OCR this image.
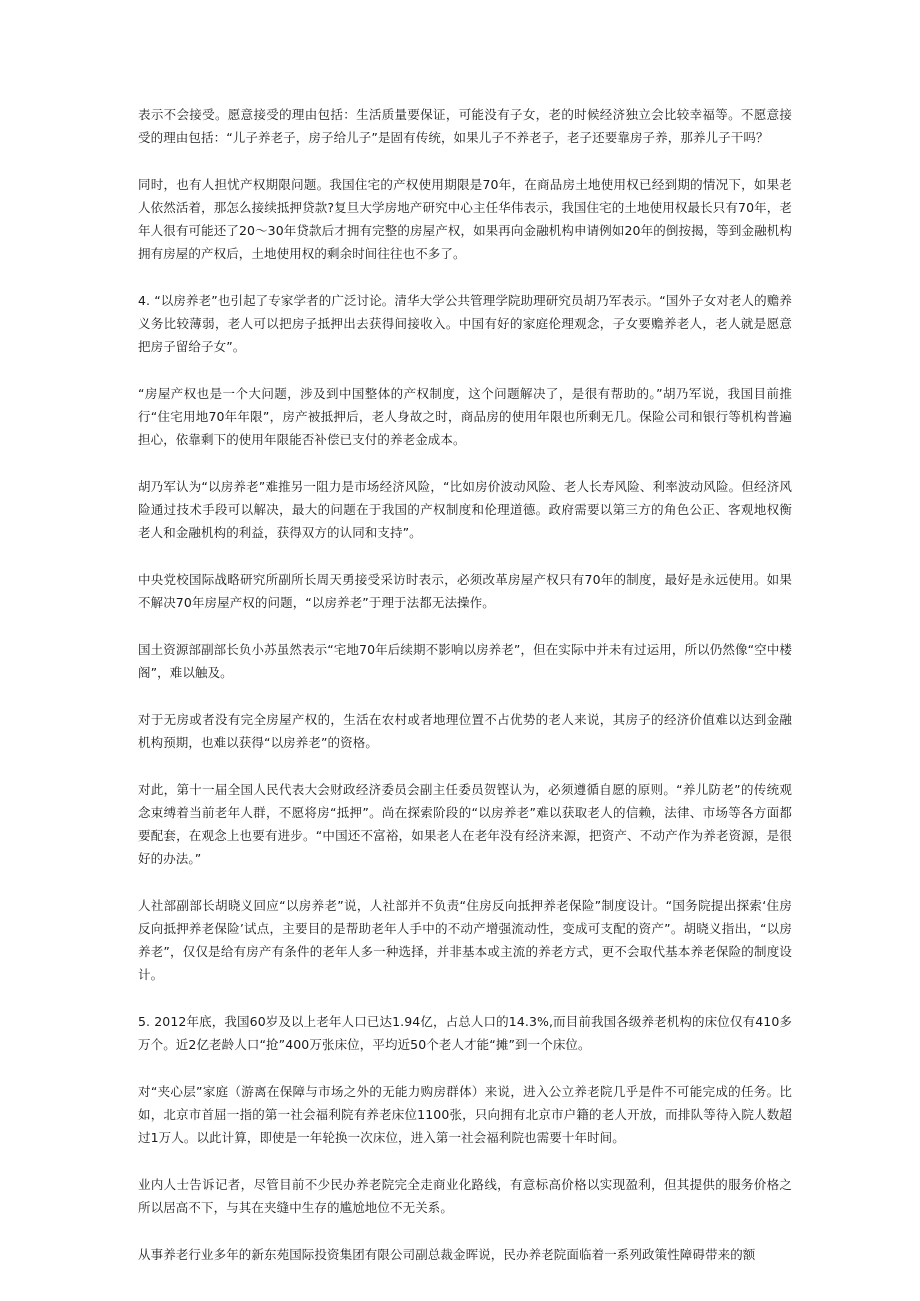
表示不会接受。愿意接受的理由包括：生活质量要保证，可能没有子女，老的时候经济独立会比较幸福等。不愿意接受的理由包括：“儿子养老子，房子给儿子”是固有传统，如果儿子不养老子，老子还要靠房子养，那养儿子干吗？

同时，也有人担忧产权期限问题。我国住宅的产权使用期限是70年，在商品房土地使用权已经到期的情况下，如果老人依然活着，那怎么接续抵押贷款?复旦大学房地产研究中心主任华伟表示，我国住宅的土地使用权最长只有70年，老年人很有可能还了20～30年贷款后才拥有完整的房屋产权，如果再向金融机构申请例如20年的倒按揭，等到金融机构拥有房屋的产权后，土地使用权的剩余时间往往也不多了。

4. “以房养老”也引起了专家学者的广泛讨论。清华大学公共管理学院助理研究员胡乃军表示。“国外子女对老人的赡养义务比较薄弱，老人可以把房子抵押出去获得间接收入。中国有好的家庭伦理观念，子女要赡养老人，老人就是愿意把房子留给子女”。

“房屋产权也是一个大问题，涉及到中国整体的产权制度，这个问题解决了，是很有帮助的。”胡乃军说，我国目前推行“住宅用地70年年限”，房产被抵押后，老人身故之时，商品房的使用年限也所剩无几。保险公司和银行等机构普遍担心，依靠剩下的使用年限能否补偿已支付的养老金成本。

胡乃军认为“以房养老”难推另一阻力是市场经济风险，“比如房价波动风险、老人长寿风险、利率波动风险。但经济风险通过技术手段可以解决，最大的问题在于我国的产权制度和伦理道德。政府需要以第三方的角色公正、客观地权衡老人和金融机构的利益，获得双方的认同和支持”。

中央党校国际战略研究所副所长周天勇接受采访时表示，必须改革房屋产权只有70年的制度，最好是永远使用。如果不解决70年房屋产权的问题，“以房养老”于理于法都无法操作。

国土资源部副部长负小苏虽然表示“宅地70年后续期不影响以房养老”，但在实际中并未有过运用，所以仍然像“空中楼阁”，难以触及。

对于无房或者没有完全房屋产权的，生活在农村或者地理位置不占优势的老人来说，其房子的经济价值难以达到金融机构预期，也难以获得“以房养老”的资格。

对此，第十一届全国人民代表大会财政经济委员会副主任委员贺铿认为，必须遵循自愿的原则。“养儿防老”的传统观念束缚着当前老年人群，不愿将房“抵押”。尚在探索阶段的“以房养老”难以获取老人的信赖，法律、市场等各方面都要配套，在观念上也要有进步。“中国还不富裕，如果老人在老年没有经济来源，把资产、不动产作为养老资源，是很好的办法。”

人社部副部长胡晓义回应“以房养老”说，人社部并不负责“住房反向抵押养老保险”制度设计。“国务院提出探索‘住房反向抵押养老保险’试点，主要目的是帮助老年人手中的不动产增强流动性，变成可支配的资产”。胡晓义指出，“以房养老”，仅仅是给有房产有条件的老年人多一种选择，并非基本或主流的养老方式，更不会取代基本养老保险的制度设计。

5. 2012年底，我国60岁及以上老年人口已达1.94亿，占总人口的14.3%,而目前我国各级养老机构的床位仅有410多万个。近2亿老龄人口“抢”400万张床位，平均近50个老人才能“摊”到一个床位。

对“夹心层”家庭（游离在保障与市场之外的无能力购房群体）来说，进入公立养老院几乎是件不可能完成的任务。比如，北京市首屈一指的第一社会福利院有养老床位1100张，只向拥有北京市户籍的老人开放，而排队等待入院人数超过1万人。以此计算，即使是一年轮换一次床位，进入第一社会福利院也需要十年时间。

业内人士告诉记者，尽管目前不少民办养老院完全走商业化路线，有意标高价格以实现盈利，但其提供的服务价格之所以居高不下，与其在夹缝中生存的尴尬地位不无关系。

从事养老行业多年的新东苑国际投资集团有限公司副总裁金晖说，民办养老院面临着一系列政策性障碍带来的额
